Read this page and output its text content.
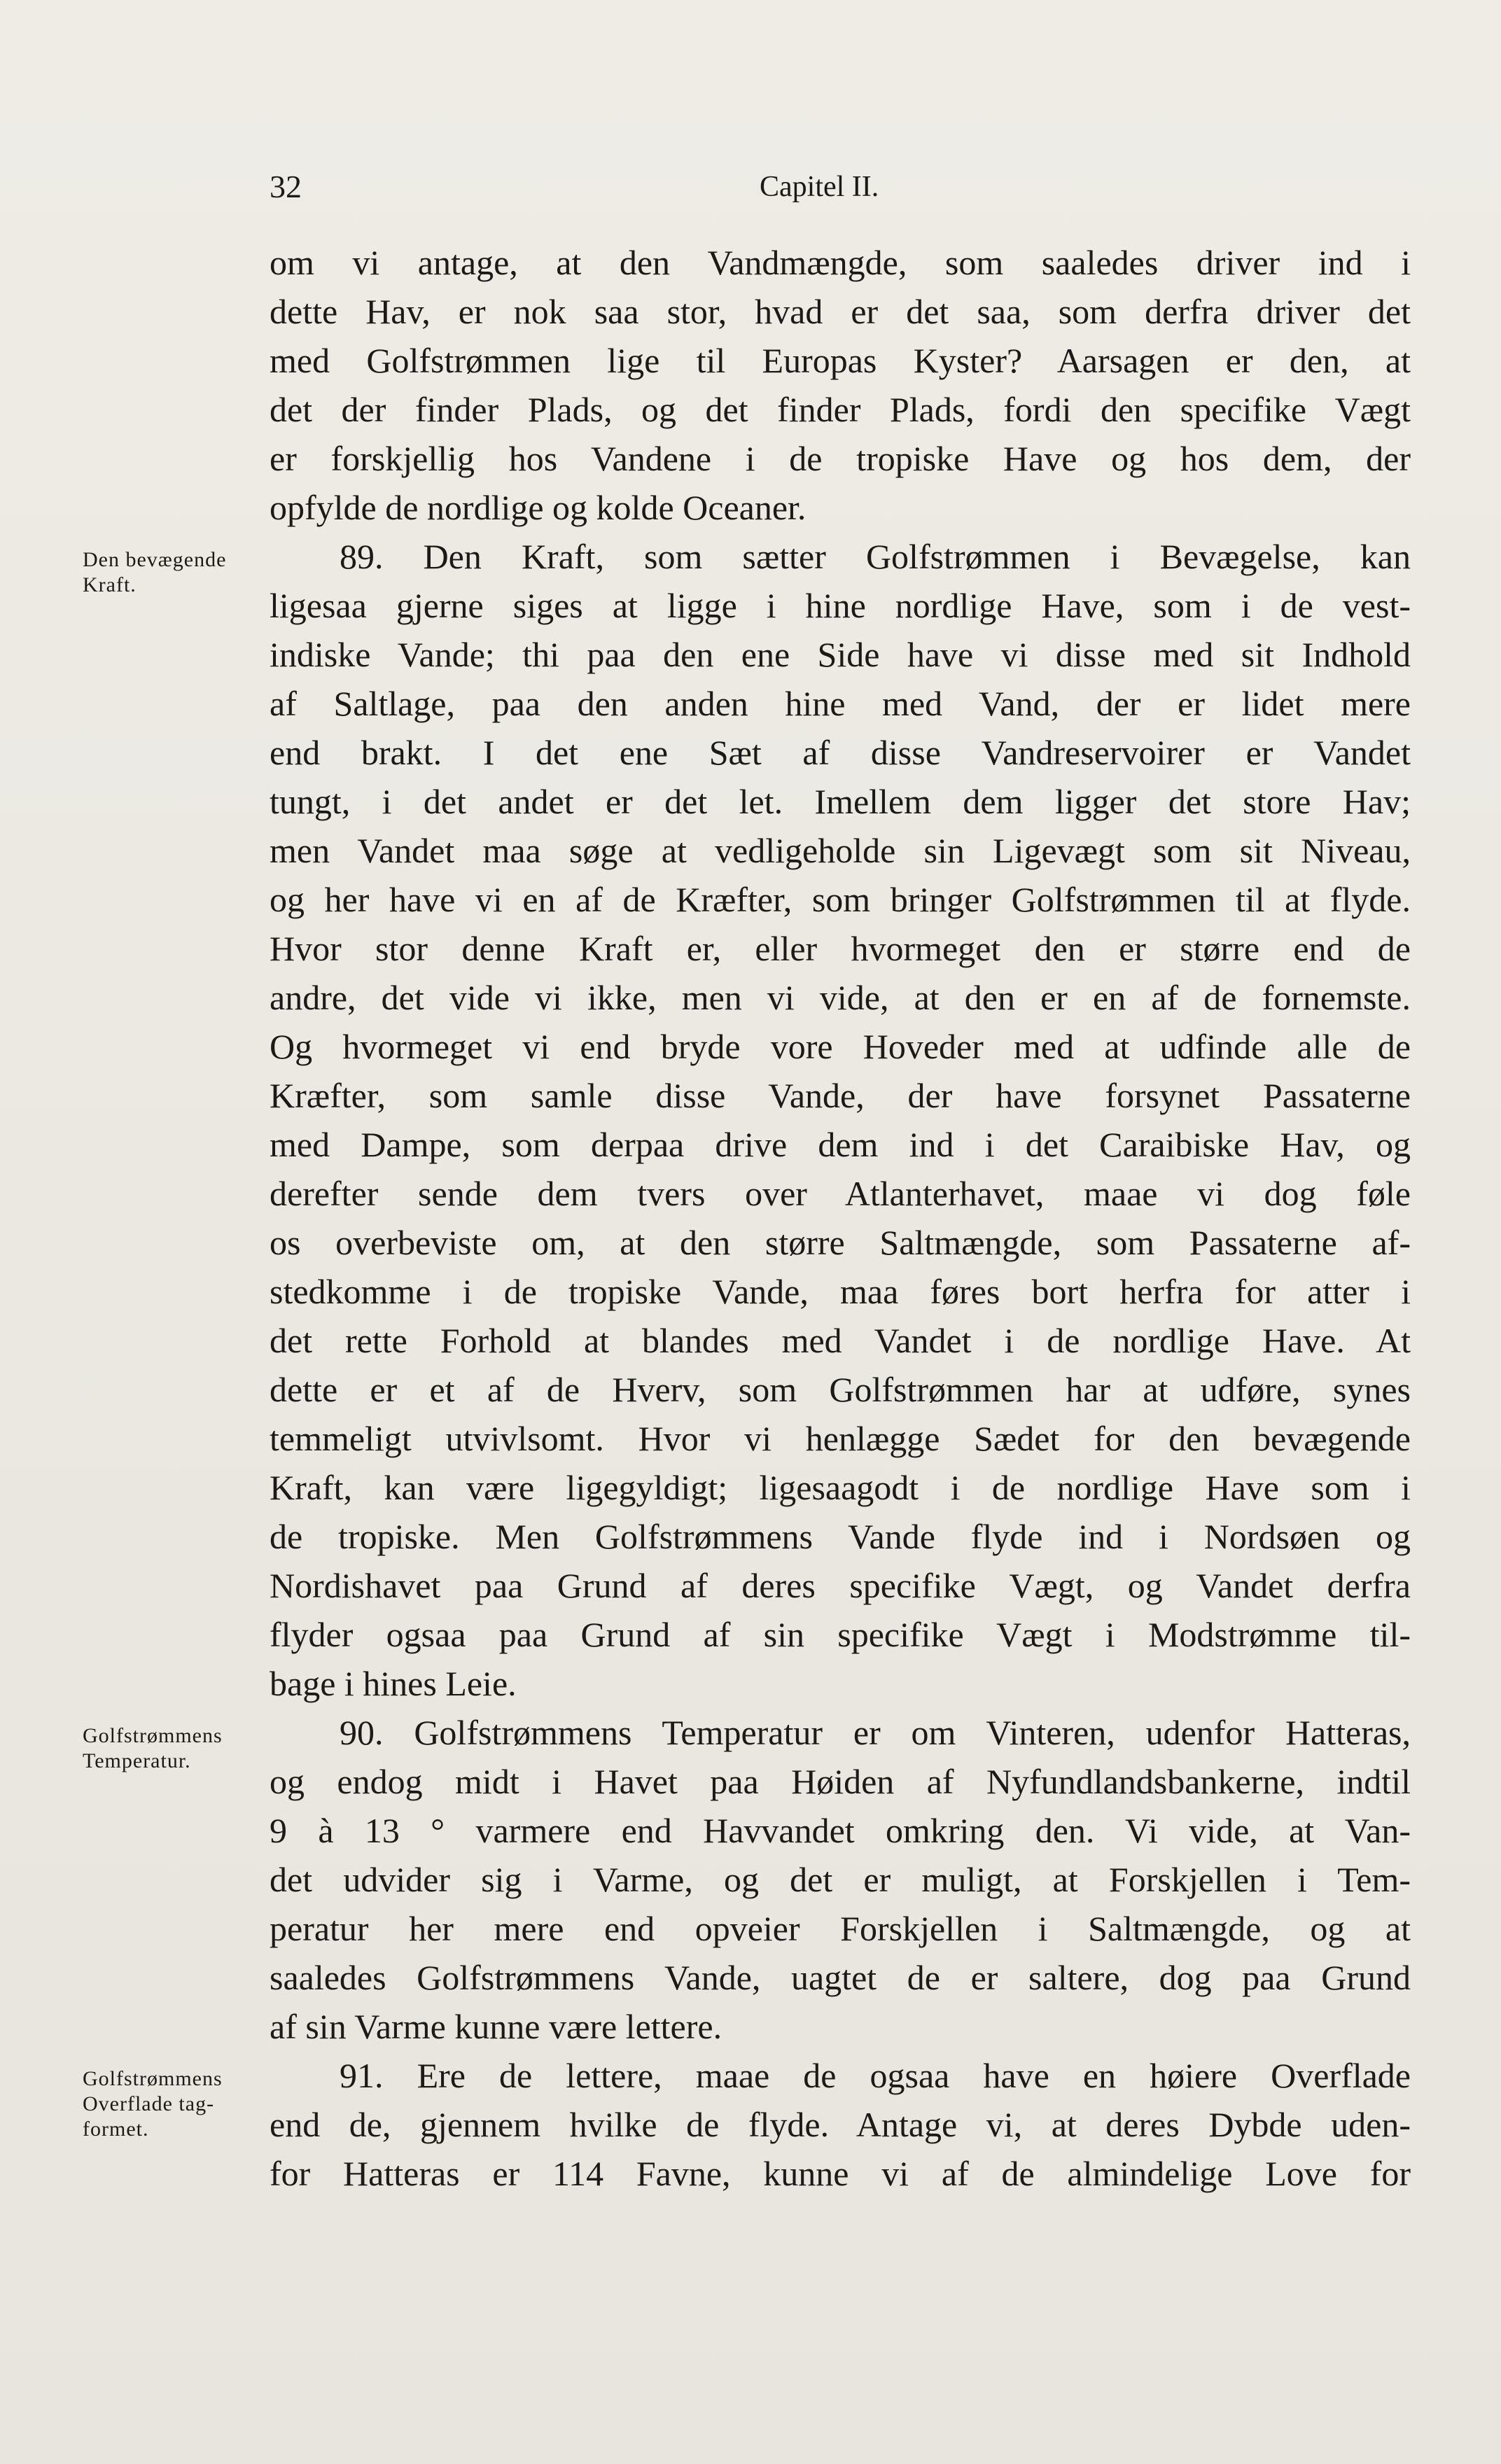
32	Capitel II.
om vi antage, at den Vandmængde, som saaledes driver ind i
dette Hav, er nok saa stor, hvad er det saa, som derfra driver det
med Golfstrømmen lige til Europas Kyster? Aarsagen er den, at
det der finder Plads, og det finder Plads, fordi den specifike Vægt
er forskjellig hos Vandene i de tropiske Have og hos dem, der
opfylde de nordlige og kolde Oceaner.
89. Den Kraft, som sætter Golfstrømmen i Bevægelse, kan
ligesaa gjerne siges at ligge i hine nordlige Have, som i de vest-
indiske Vande; thi paa den ene Side have vi disse med sit Indhold
af Saltlage, paa den anden hine med Vand, der er lidet mere
end brakt. I det ene Sæt af disse Vandreservoirer er Vandet
tungt, i det andet er det let. Imellem dem ligger det store Hav;
men Vandet maa søge at vedligeholde sin Ligevægt som sit Niveau,
og her have vi en af de Kræfter, som bringer Golfstrømmen til at flyde.
Hvor stor denne Kraft er, eller hvormeget den er større end de
andre, det vide vi ikke, men vi vide, at den er en af de fornemste.
Og hvormeget vi end bryde vore Hoveder med at udfinde alle de
Kræfter, som samle disse Vande, der have forsynet Passaterne
med Dampe, som derpaa drive dem ind i det Caraibiske Hav, og
derefter sende dem tvers over Atlanterhavet, maae vi dog føle
os overbeviste om, at den større Saltmængde, som Passaterne af-
stedkomme i de tropiske Vande, maa føres bort herfra for atter i
det rette Forhold at blandes med Vandet i de nordlige Have. At
dette er et af de Hverv, som Golfstrømmen har at udføre, synes
temmeligt utvivlsomt. Hvor vi henlægge Sædet for den bevægende
Kraft, kan være ligegyldigt; ligesaagodt i de nordlige Have som i
de tropiske. Men Golfstrømmens Vande flyde ind i Nordsøen og
Nordishavet paa Grund af deres specifike Vægt, og Vandet derfra
flyder ogsaa paa Grund af sin specifike Vægt i Modstrømme til-
bage i hines Leie.
90. Golfstrømmens Temperatur er om Vinteren, udenfor Hatteras,
og endog midt i Havet paa Høiden af Nyfundlandsbankerne, indtil
9 à 13 ° varmere end Havvandet omkring den. Vi vide, at Van-
det udvider sig i Varme, og det er muligt, at Forskjellen i Tem-
peratur her mere end opveier Forskjellen i Saltmængde, og at
saaledes Golfstrømmens Vande, uagtet de er saltere, dog paa Grund
af sin Varme kunne være lettere.
91. Ere de lettere, maae de ogsaa have en høiere Overflade
end de, gjennem hvilke de flyde. Antage vi, at deres Dybde uden-
for Hatteras er 114 Favne, kunne vi af de almindelige Love for
Den bevægende
Kraft.
Golfstrømmens
Temperatur.
Golfstrømmens
Overflade tag-
formet.
